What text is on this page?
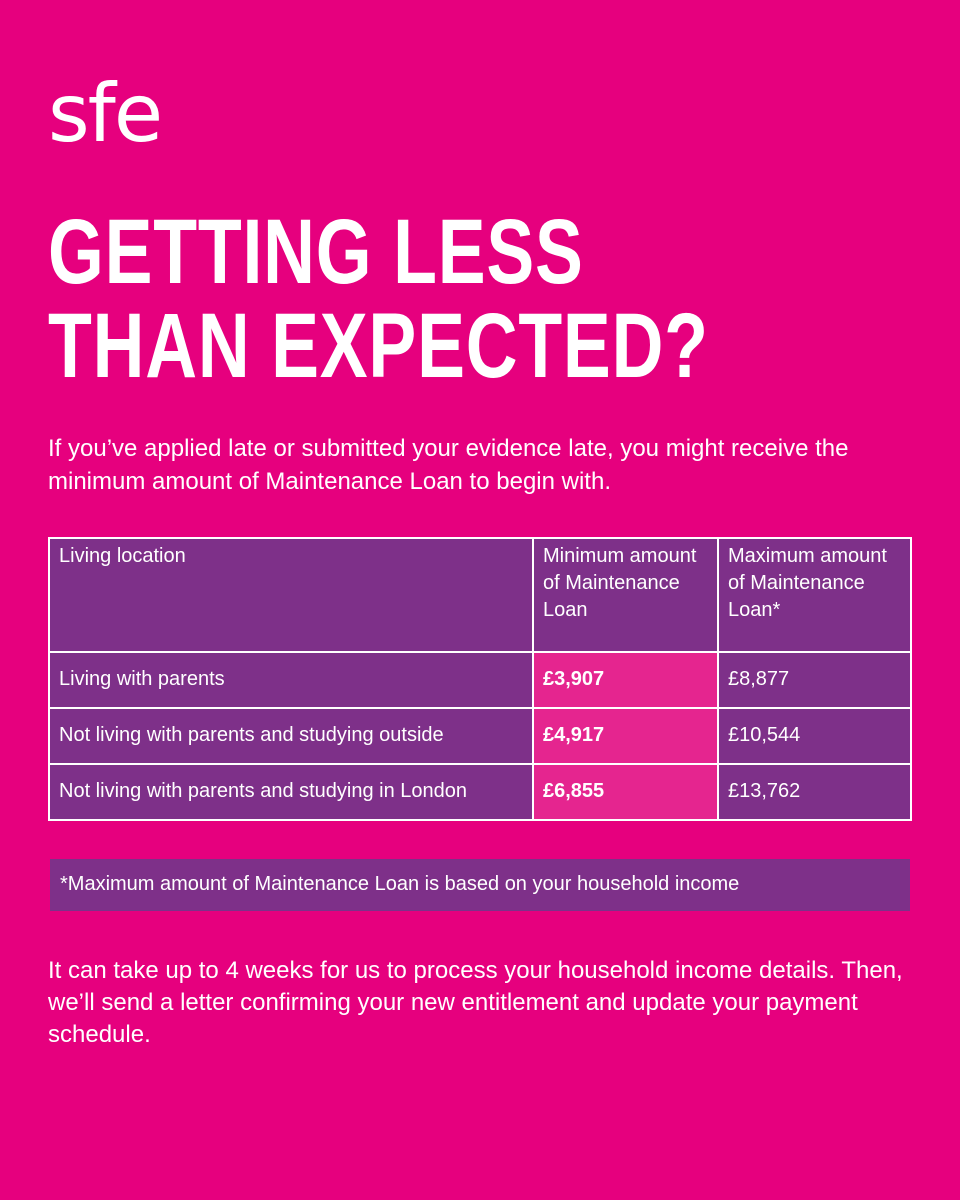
sfe
GETTING LESS
THAN EXPECTED?

If you’ve applied late or submitted your evidence late, you might receive the minimum amount of Maintenance Loan to begin with.

Living location	Minimum amount of Maintenance Loan	Maximum amount of Maintenance Loan*
Living with parents	£3,907	£8,877
Not living with parents and studying outside	£4,917	£10,544
Not living with parents and studying in London	£6,855	£13,762
*Maximum amount of Maintenance Loan is based on your household income

It can take up to 4 weeks for us to process your household income details. Then, we’ll send a letter confirming your new entitlement and update your payment schedule.
